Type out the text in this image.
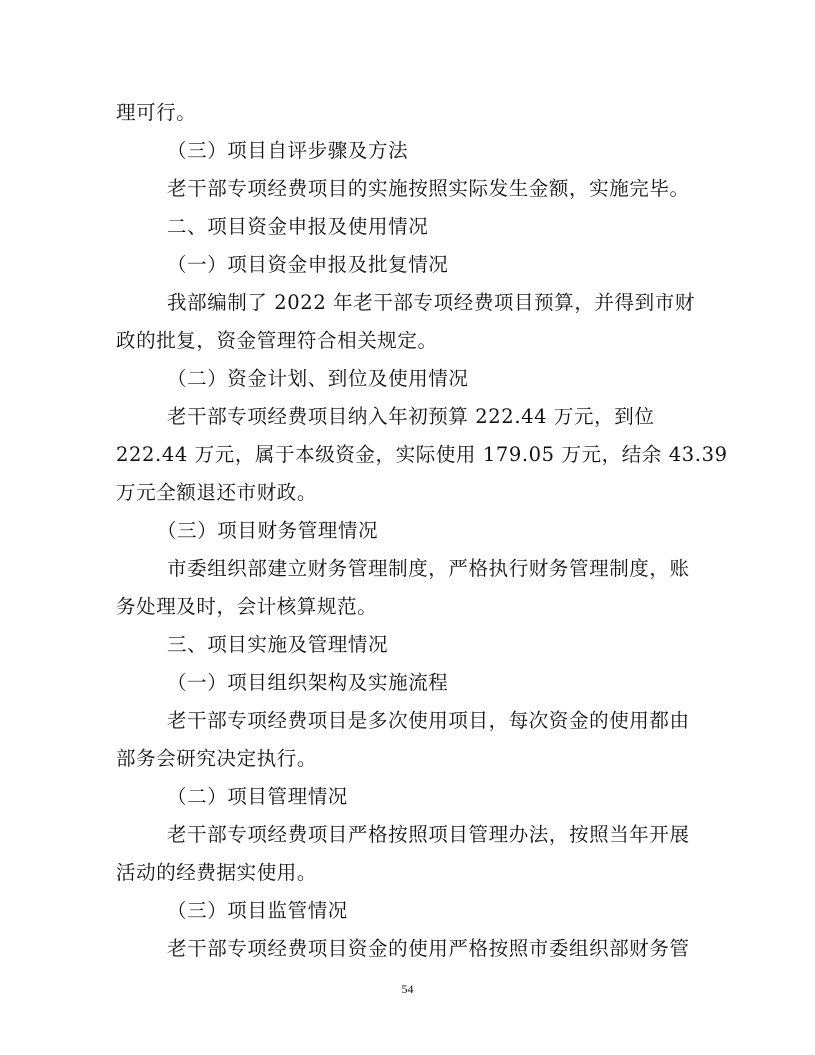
理可行。
（三）项目自评步骤及方法
老干部专项经费项目的实施按照实际发生金额，实施完毕。
二、项目资金申报及使用情况
（一）项目资金申报及批复情况
我部编制了 2022 年老干部专项经费项目预算，并得到市财
政的批复，资金管理符合相关规定。
（二）资金计划、到位及使用情况
老干部专项经费项目纳入年初预算 222.44 万元，到位
222.44 万元，属于本级资金，实际使用 179.05 万元，结余 43.39
万元全额退还市财政。
（三）项目财务管理情况
市委组织部建立财务管理制度，严格执行财务管理制度，账
务处理及时，会计核算规范。
三、项目实施及管理情况
（一）项目组织架构及实施流程
老干部专项经费项目是多次使用项目，每次资金的使用都由
部务会研究决定执行。
（二）项目管理情况
老干部专项经费项目严格按照项目管理办法，按照当年开展
活动的经费据实使用。
（三）项目监管情况
老干部专项经费项目资金的使用严格按照市委组织部财务管
54
